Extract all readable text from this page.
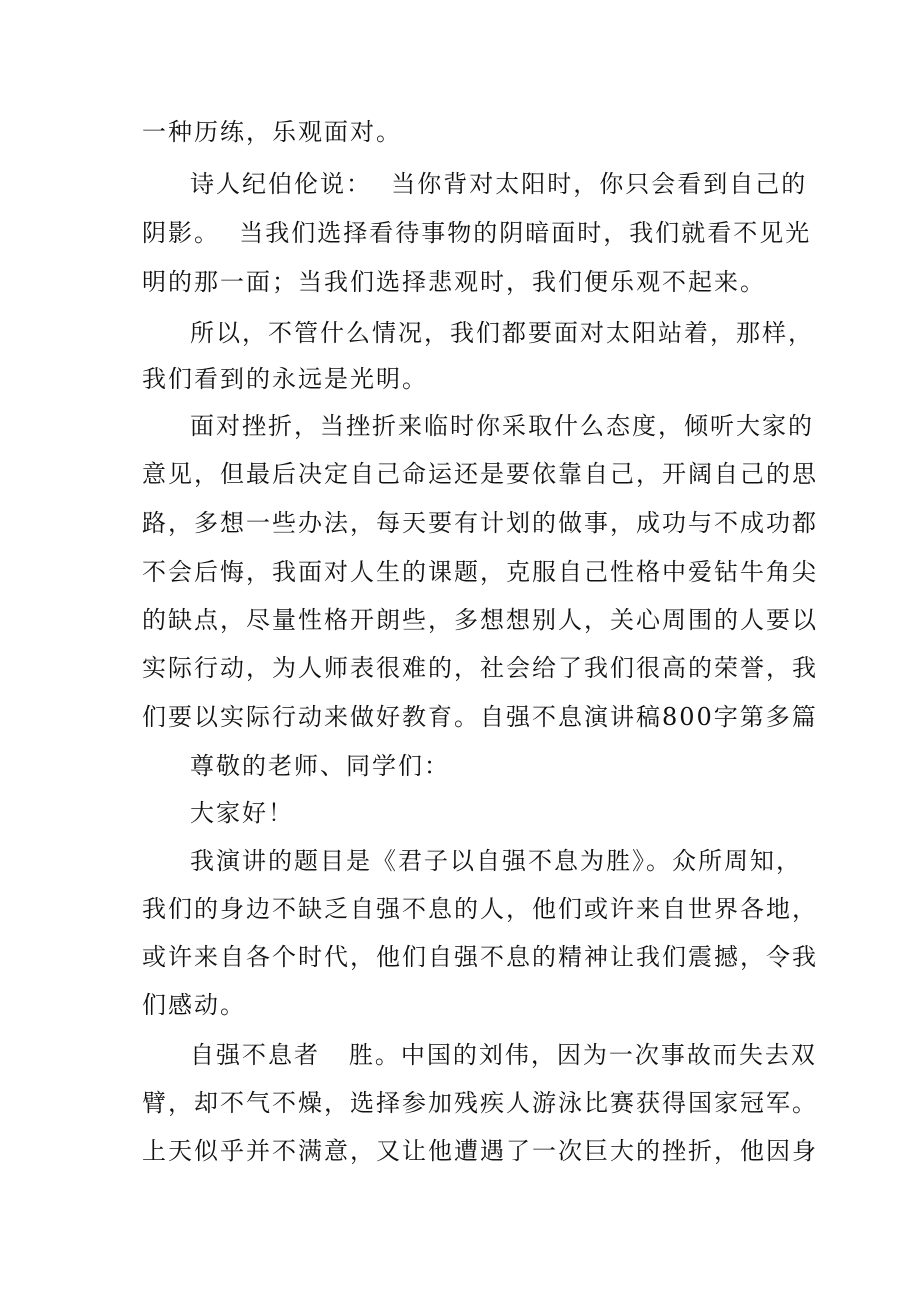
一种历练，乐观面对。
诗人纪伯伦说：  当你背对太阳时，你只会看到自己的
阴影。  当我们选择看待事物的阴暗面时，我们就看不见光
明的那一面；当我们选择悲观时，我们便乐观不起来。
所以，不管什么情况，我们都要面对太阳站着，那样，
我们看到的永远是光明。
面对挫折，当挫折来临时你采取什么态度，倾听大家的
意见，但最后决定自己命运还是要依靠自己，开阔自己的思
路，多想一些办法，每天要有计划的做事，成功与不成功都
不会后悔，我面对人生的课题，克服自己性格中爱钻牛角尖
的缺点，尽量性格开朗些，多想想别人，关心周围的人要以
实际行动，为人师表很难的，社会给了我们很高的荣誉，我
们要以实际行动来做好教育。自强不息演讲稿800字第多篇
尊敬的老师、同学们：
大家好！
我演讲的题目是《君子以自强不息为胜》。众所周知，
我们的身边不缺乏自强不息的人，他们或许来自世界各地，
或许来自各个时代，他们自强不息的精神让我们震撼，令我
们感动。
自强不息者   胜。中国的刘伟，因为一次事故而失去双
臂，却不气不燥，选择参加残疾人游泳比赛获得国家冠军。
上天似乎并不满意，又让他遭遇了一次巨大的挫折，他因身
